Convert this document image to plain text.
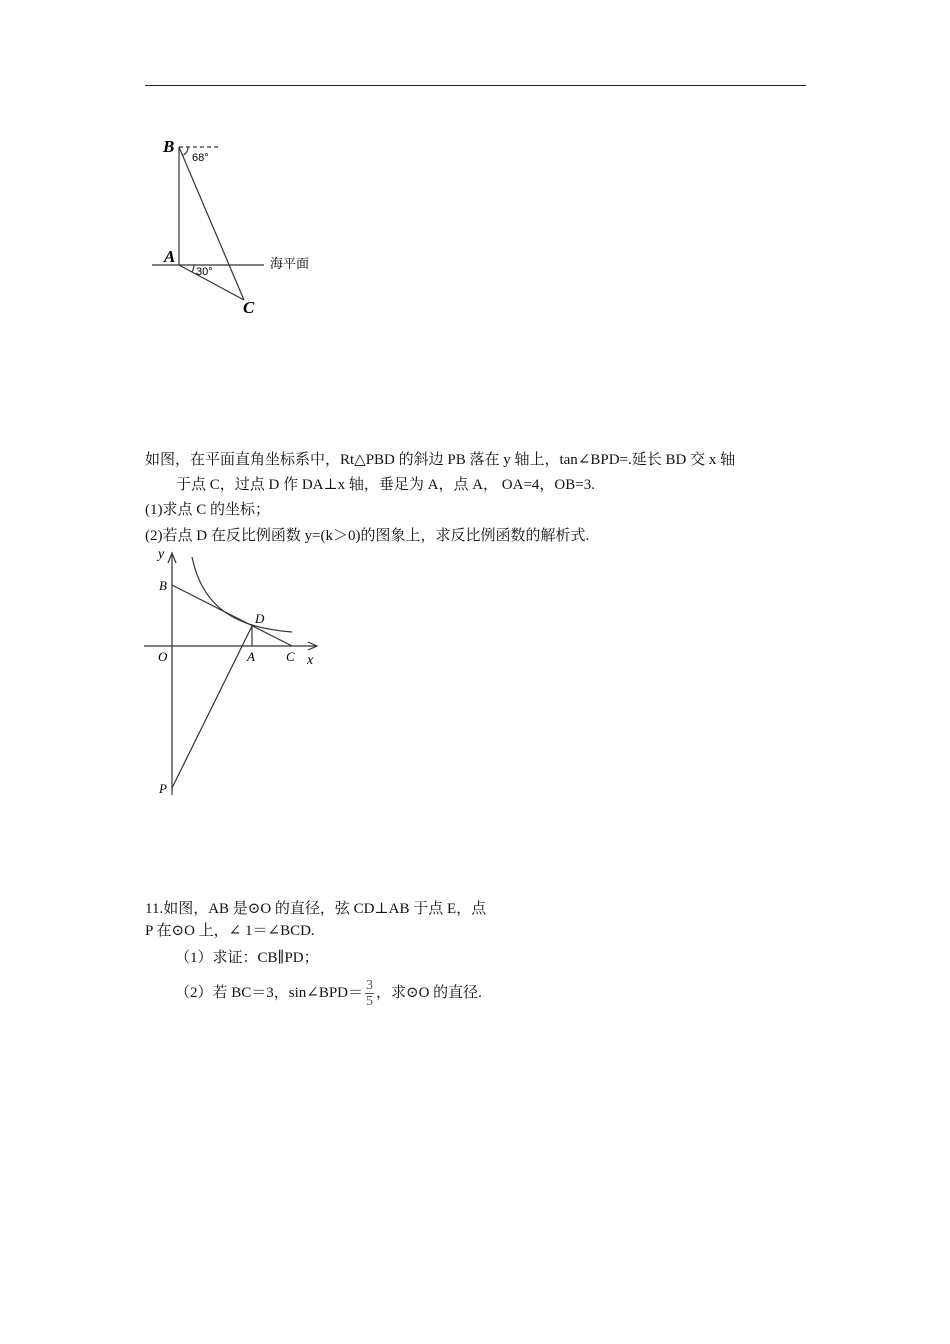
B
68°
A
30°	海平面
C
如图，在平面直角坐标系中，Rt△PBD 的斜边 PB 落在 y 轴上，tan∠BPD=.延长 BD 交 x 轴
于点 C，过点 D 作 DA⊥x 轴，垂足为 A，点 A， OA=4，OB=3.
(1)求点 C 的坐标；
(2)若点 D 在反比例函数 y=(k＞0)的图象上，求反比例函数的解析式.
y
B
D
O	A C x
P
11.如图，AB 是⊙O 的直径，弦 CD⊥AB 于点 E，点
P 在⊙O 上，∠ 1＝∠BCD.
（1）求证：CB∥PD；
（2）若 BC＝3，sin∠BPD＝ $\frac{3}{5}$ ，求⊙O 的直径.
